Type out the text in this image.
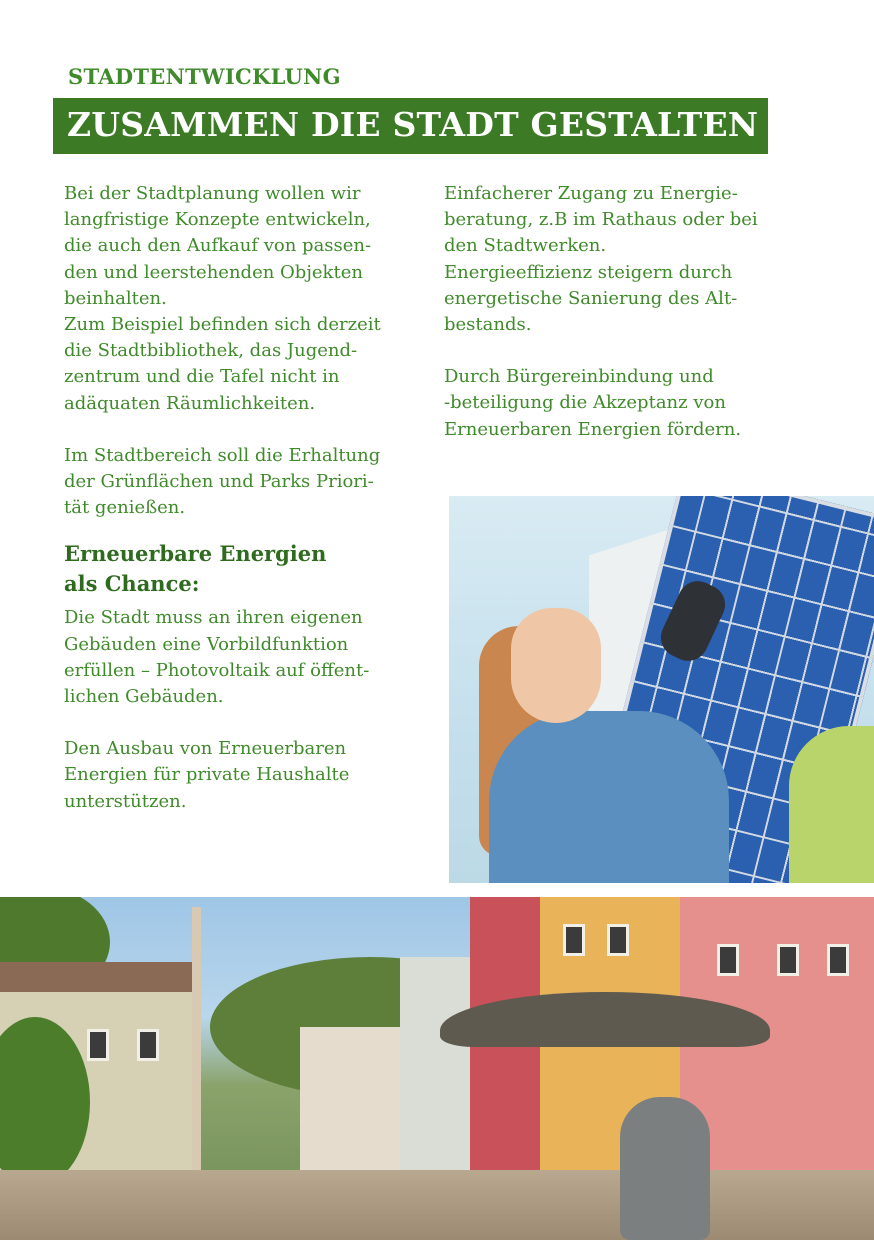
STADTENTWICKLUNG
ZUSAMMEN DIE STADT GESTALTEN

Bei der Stadtplanung wollen wir
langfristige Konzepte entwickeln,
die auch den Aufkauf von passen-
den und leerstehenden Objekten
beinhalten.
Zum Beispiel befinden sich derzeit
die Stadtbibliothek, das Jugend-
zentrum und die Tafel nicht in
adäquaten Räumlichkeiten.

Im Stadtbereich soll die Erhaltung
der Grünflächen und Parks Priori-
tät genießen.

Erneuerbare Energien
als Chance:

Die Stadt muss an ihren eigenen
Gebäuden eine Vorbildfunktion
erfüllen – Photovoltaik auf öffent-
lichen Gebäuden.

Den Ausbau von Erneuerbaren
Energien für private Haushalte
unterstützen.

Einfacherer Zugang zu Energie-
beratung, z.B im Rathaus oder bei
den Stadtwerken.
Energieeffizienz steigern durch
energetische Sanierung des Alt-
bestands.

Durch Bürgereinbindung und
-beteiligung die Akzeptanz von
Erneuerbaren Energien fördern.
